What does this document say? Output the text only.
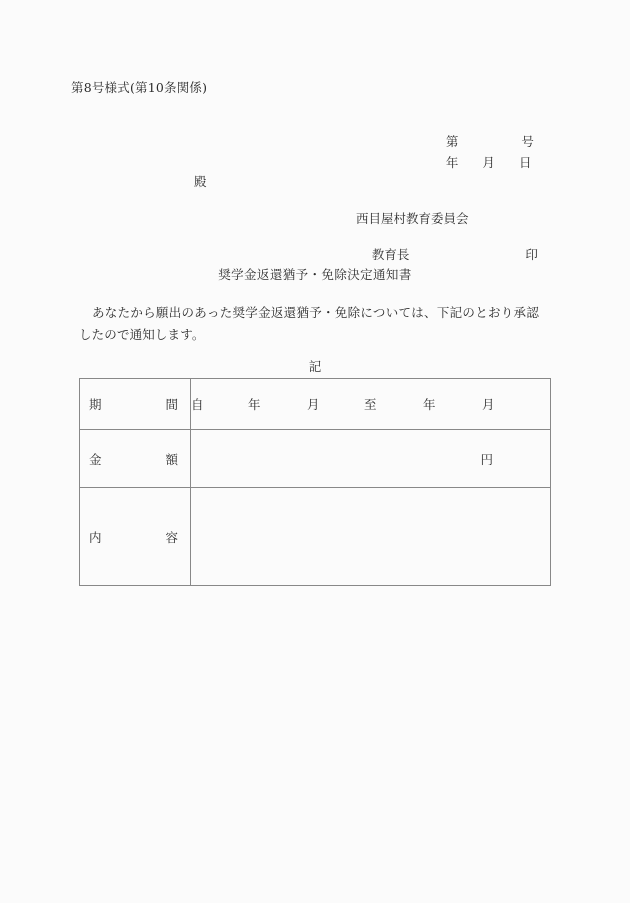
第8号様式(第10条関係)

第	号

年 月 日

殿
西目屋村教育委員会

教育長	印

奨学金返還猶予・免除決定通知書
あなたから願出のあった奨学金返還猶予・免除については、下記のとおり承認したので通知します。
記
期	間	自	年	月	至	年	月

金 額	円

内 容	
